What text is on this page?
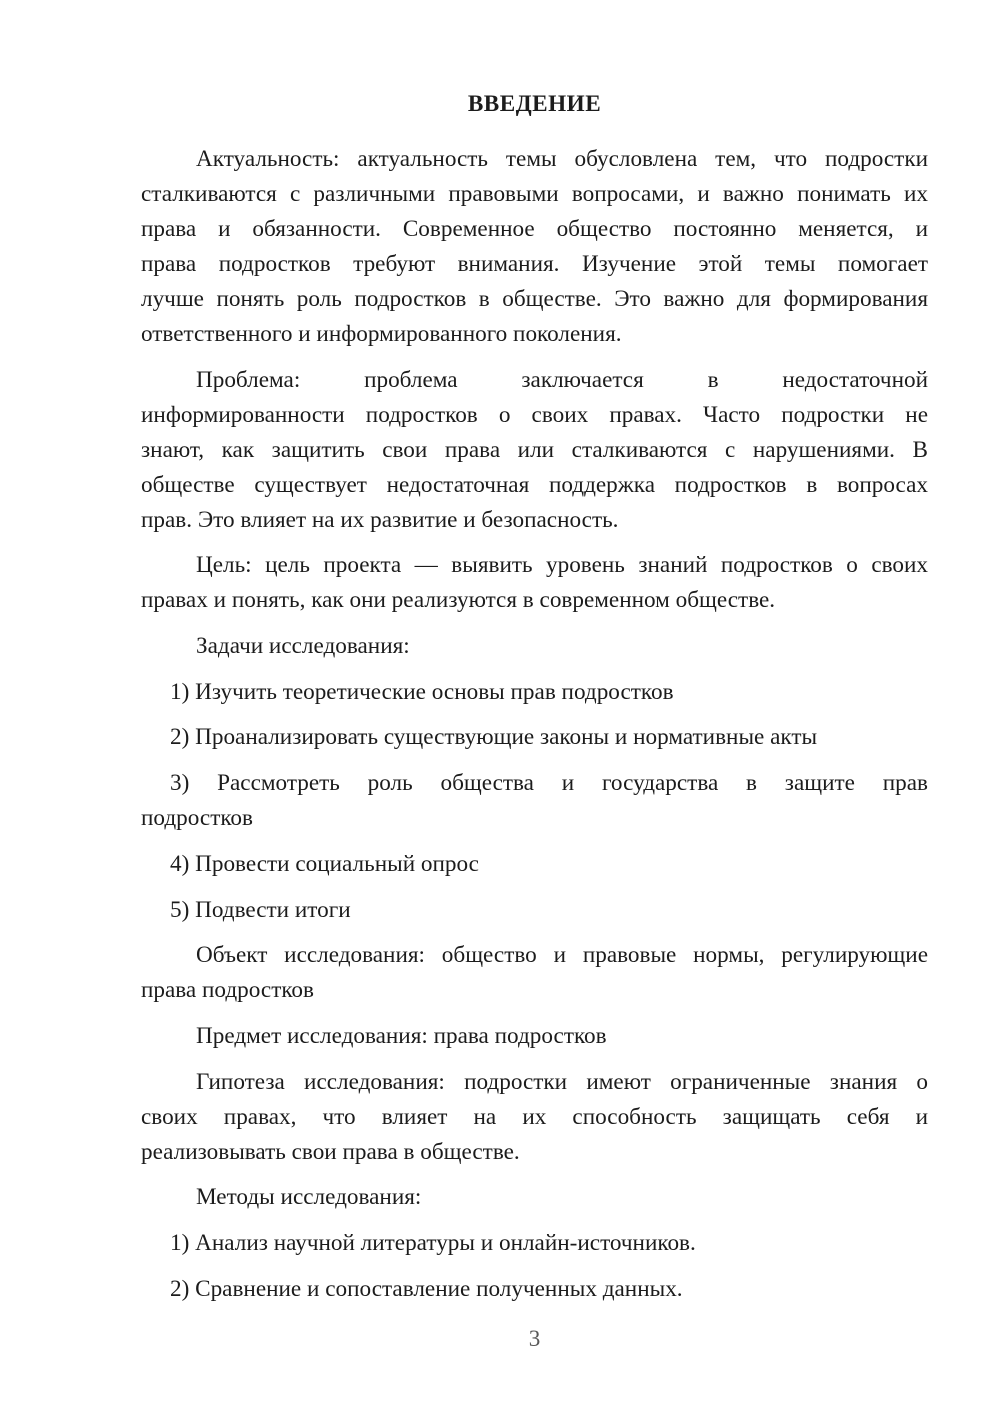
ВВЕДЕНИЕ

Актуальность: актуальность темы обусловлена тем, что подростки
сталкиваются с различными правовыми вопросами, и важно понимать их
права и обязанности. Современное общество постоянно меняется, и
права подростков требуют внимания. Изучение этой темы помогает
лучше понять роль подростков в обществе. Это важно для формирования
ответственного и информированного поколения.

Проблема: проблема заключается в недостаточной
информированности подростков о своих правах. Часто подростки не
знают, как защитить свои права или сталкиваются с нарушениями. В
обществе существует недостаточная поддержка подростков в вопросах
прав. Это влияет на их развитие и безопасность.

Цель: цель проекта — выявить уровень знаний подростков о своих
правах и понять, как они реализуются в современном обществе.

Задачи исследования:

1) Изучить теоретические основы прав подростков

2) Проанализировать существующие законы и нормативные акты

3) Рассмотреть роль общества и государства в защите прав
подростков

4) Провести социальный опрос

5) Подвести итоги

Объект исследования: общество и правовые нормы, регулирующие
права подростков

Предмет исследования: права подростков

Гипотеза исследования: подростки имеют ограниченные знания о
своих правах, что влияет на их способность защищать себя и
реализовывать свои права в обществе.

Методы исследования:

1) Анализ научной литературы и онлайн-источников.

2) Сравнение и сопоставление полученных данных.

3
